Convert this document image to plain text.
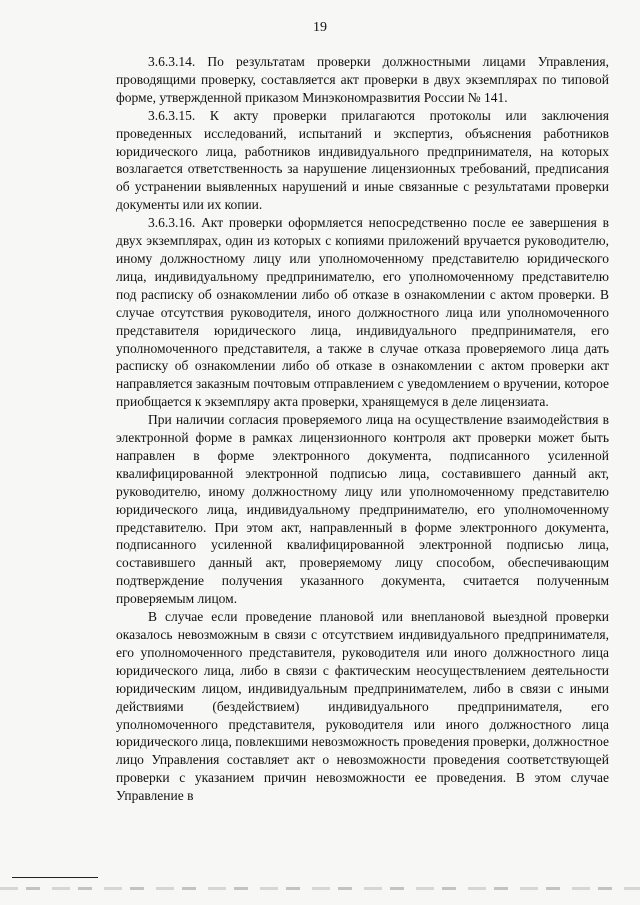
19

3.6.3.14. По результатам проверки должностными лицами Управления, проводящими проверку, составляется акт проверки в двух экземплярах по типовой форме, утвержденной приказом Минэкономразвития России № 141.

3.6.3.15. К акту проверки прилагаются протоколы или заключения проведенных исследований, испытаний и экспертиз, объяснения работников юридического лица, работников индивидуального предпринимателя, на которых возлагается ответственность за нарушение лицензионных требований, предписания об устранении выявленных нарушений и иные связанные с результатами проверки документы или их копии.

3.6.3.16. Акт проверки оформляется непосредственно после ее завершения в двух экземплярах, один из которых с копиями приложений вручается руководителю, иному должностному лицу или уполномоченному представителю юридического лица, индивидуальному предпринимателю, его уполномоченному представителю под расписку об ознакомлении либо об отказе в ознакомлении с актом проверки. В случае отсутствия руководителя, иного должностного лица или уполномоченного представителя юридического лица, индивидуального предпринимателя, его уполномоченного представителя, а также в случае отказа проверяемого лица дать расписку об ознакомлении либо об отказе в ознакомлении с актом проверки акт направляется заказным почтовым отправлением с уведомлением о вручении, которое приобщается к экземпляру акта проверки, хранящемуся в деле лицензиата.

При наличии согласия проверяемого лица на осуществление взаимодействия в электронной форме в рамках лицензионного контроля акт проверки может быть направлен в форме электронного документа, подписанного усиленной квалифицированной электронной подписью лица, составившего данный акт, руководителю, иному должностному лицу или уполномоченному представителю юридического лица, индивидуальному предпринимателю, его уполномоченному представителю. При этом акт, направленный в форме электронного документа, подписанного усиленной квалифицированной электронной подписью лица, составившего данный акт, проверяемому лицу способом, обеспечивающим подтверждение получения указанного документа, считается полученным проверяемым лицом.

В случае если проведение плановой или внеплановой выездной проверки оказалось невозможным в связи с отсутствием индивидуального предпринимателя, его уполномоченного представителя, руководителя или иного должностного лица юридического лица, либо в связи с фактическим неосуществлением деятельности юридическим лицом, индивидуальным предпринимателем, либо в связи с иными действиями (бездействием) индивидуального предпринимателя, его уполномоченного представителя, руководителя или иного должностного лица юридического лица, повлекшими невозможность проведения проверки, должностное лицо Управления составляет акт о невозможности проведения соответствующей проверки с указанием причин невозможности ее проведения. В этом случае Управление в
